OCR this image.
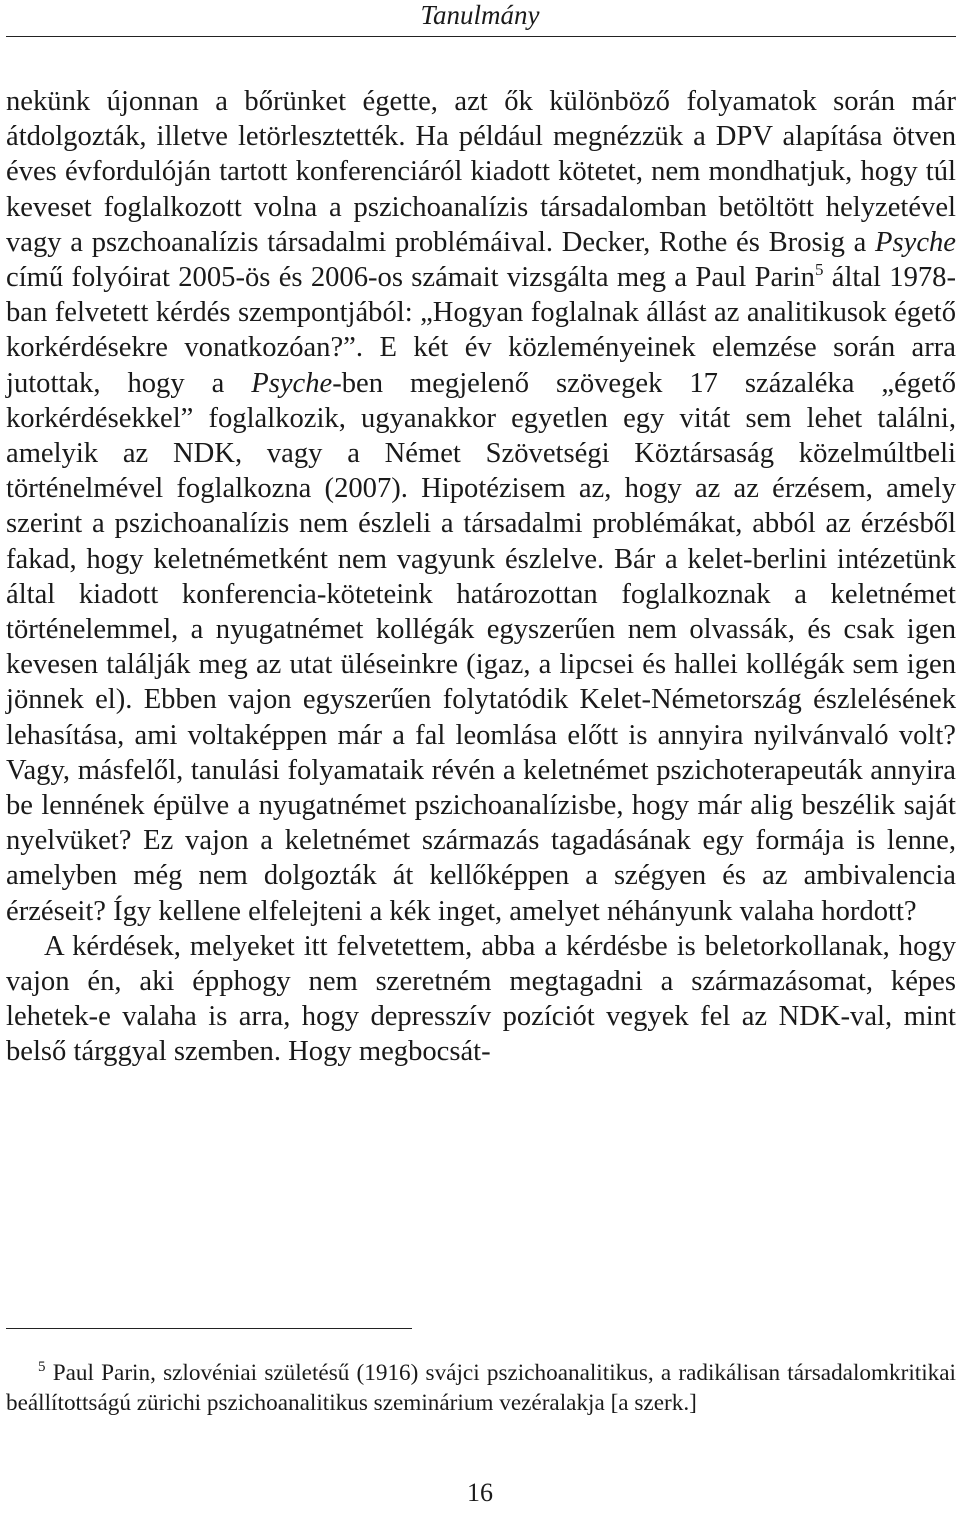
Tanulmány

nekünk újonnan a bőrünket égette, azt ők különböző folyamatok során már átdolgozták, illetve letörlesztették. Ha például megnézzük a DPV alapítása ötven éves évfordulóján tartott konferenciáról kiadott kötetet, nem mondhatjuk, hogy túl keveset foglalkozott volna a pszichoanalízis társadalomban betöltött helyzetével vagy a pszchoanalízis társadalmi problémáival. Decker, Rothe és Brosig a Psyche című folyóirat 2005-ös és 2006-os számait vizsgálta meg a Paul Parin$^5$ által 1978-ban felvetett kérdés szempontjából: „Hogyan foglalnak állást az analitikusok égető korkérdésekre vonatkozóan?”. E két év közleményeinek elemzése során arra jutottak, hogy a Psyche-ben megjelenő szövegek 17 százaléka „égető korkérdésekkel” foglalkozik, ugyanakkor egyetlen egy vitát sem lehet találni, amelyik az NDK, vagy a Német Szövetségi Köztársaság közelmúltbeli történelmével foglalkozna (2007). Hipotézisem az, hogy az az érzésem, amely szerint a pszichoanalízis nem észleli a társadalmi problémákat, abból az érzésből fakad, hogy keletnémetként nem vagyunk észlelve. Bár a kelet-berlini intézetünk által kiadott konferencia-köteteink határozottan foglalkoznak a keletnémet történelemmel, a nyugatnémet kollégák egyszerűen nem olvassák, és csak igen kevesen találják meg az utat üléseinkre (igaz, a lipcsei és hallei kollégák sem igen jönnek el). Ebben vajon egyszerűen folytatódik Kelet-Németország észlelésének lehasítása, ami voltaképpen már a fal leomlása előtt is annyira nyilvánvaló volt? Vagy, másfelől, tanulási folyamataik révén a keletnémet pszichoterapeuták annyira be lennének épülve a nyugatnémet pszichoanalízisbe, hogy már alig beszélik saját nyelvüket? Ez vajon a keletnémet származás tagadásának egy formája is lenne, amelyben még nem dolgozták át kellőképpen a szégyen és az ambivalencia érzéseit? Így kellene elfelejteni a kék inget, amelyet néhányunk valaha hordott?

A kérdések, melyeket itt felvetettem, abba a kérdésbe is beletorkollanak, hogy vajon én, aki épphogy nem szeretném megtagadni a származásomat, képes lehetek-e valaha is arra, hogy depresszív pozíciót vegyek fel az NDK-val, mint belső tárggyal szemben. Hogy megbocsát-

$^5$ Paul Parin, szlovéniai születésű (1916) svájci pszichoanalitikus, a radikálisan társadalomkritikai beállítottságú zürichi pszichoanalitikus szeminárium vezéralakja [a szerk.]
16
